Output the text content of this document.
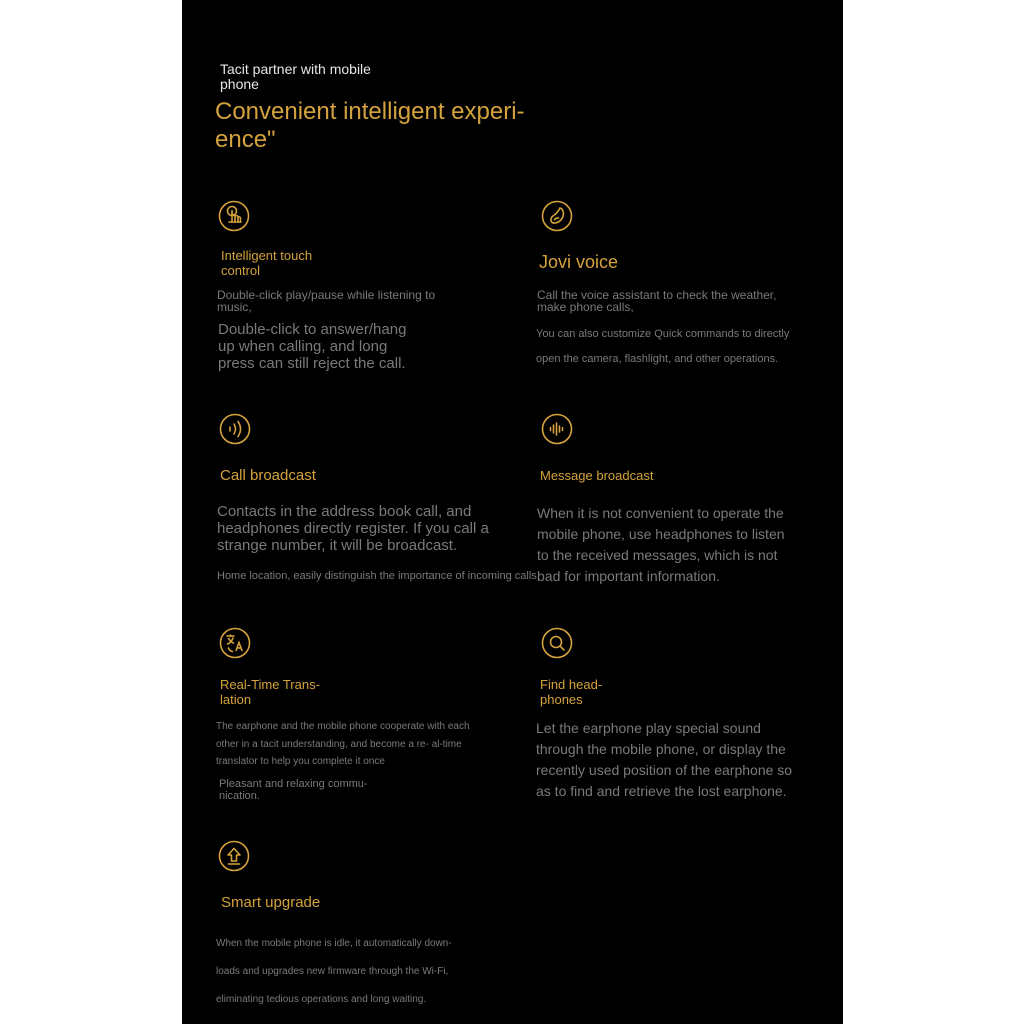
Tacit partner with mobile phone

Convenient intelligent experi- ence"

Intelligent touch control

Double-click play/pause while listening to music,

Double-click to answer/hang up when calling, and long press can still reject the call.

Jovi voice

Call the voice assistant to check the weather, make phone calls,

You can also customize Quick commands to directly

open the camera, flashlight, and other operations.

Call broadcast

Contacts in the address book call, and headphones directly register. If you call a strange number, it will be broadcast.

Home location, easily distinguish the importance of incoming calls.

Message broadcast

When it is not convenient to operate the mobile phone, use headphones to listen to the received messages, which is not bad for important information.

Real-Time Trans- lation

The earphone and the mobile phone cooperate with each other in a tacit understanding, and become a re- al-time translator to help you complete it once

Pleasant and relaxing commu- nication.

Find head- phones

Let the earphone play special sound through the mobile phone, or display the recently used position of the earphone so as to find and retrieve the lost earphone.

Smart upgrade

When the mobile phone is idle, it automatically down- loads and upgrades new firmware through the Wi-Fi, eliminating tedious operations and long waiting.
